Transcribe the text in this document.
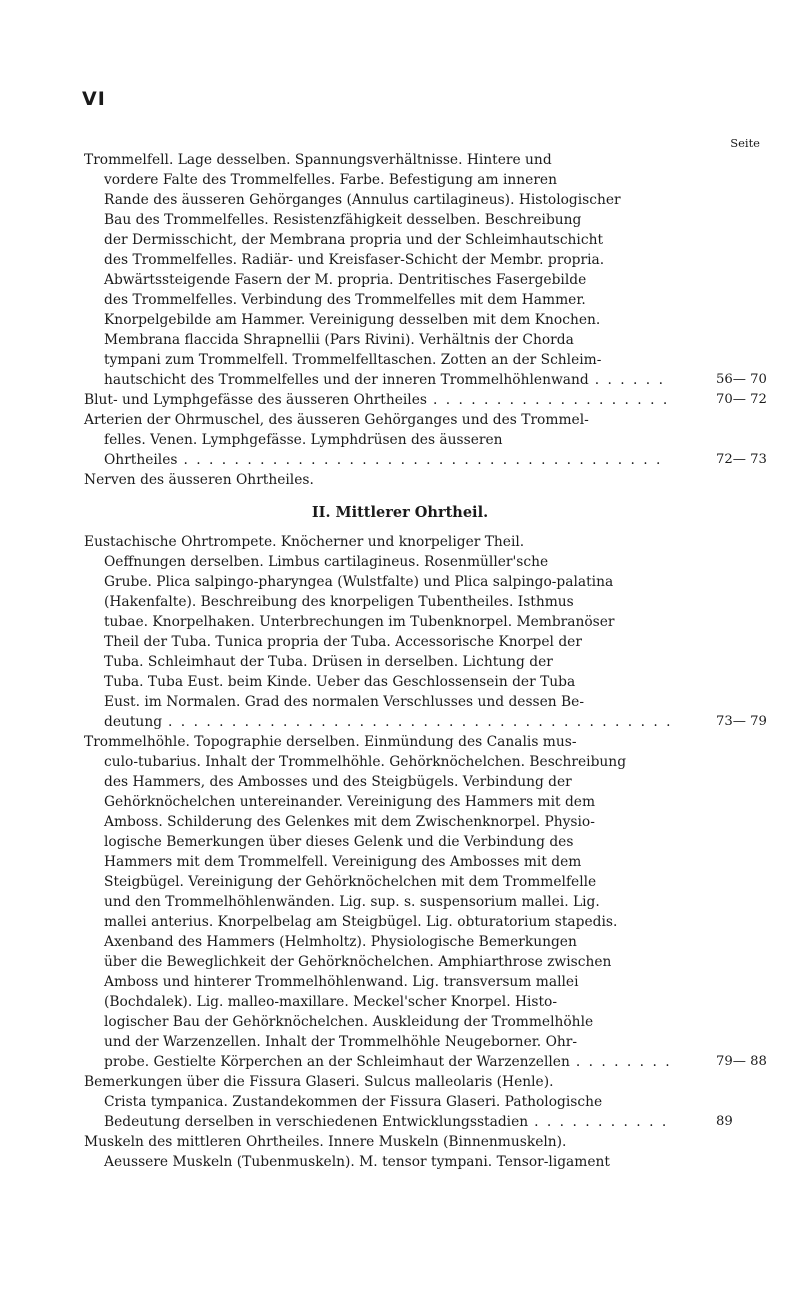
VI
Seite
Trommelfell. Lage desselben. Spannungsverhältnisse. Hintere und
vordere Falte des Trommelfelles. Farbe. Befestigung am inneren
Rande des äusseren Gehörganges (Annulus cartilagineus). Histologischer
Bau des Trommelfelles. Resistenzfähigkeit desselben. Beschreibung
der Dermisschicht, der Membrana propria und der Schleimhautschicht
des Trommelfelles. Radiär- und Kreisfaser-Schicht der Membr. propria.
Abwärtssteigende Fasern der M. propria. Dentritisches Fasergebilde
des Trommelfelles. Verbindung des Trommelfelles mit dem Hammer.
Knorpelgebilde am Hammer. Vereinigung desselben mit dem Knochen.
Membrana flaccida Shrapnellii (Pars Rivini). Verhältnis der Chorda
tympani zum Trommelfell. Trommelfelltaschen. Zotten an der Schleim-
hautschicht des Trommelfelles und der inneren Trommelhöhlenwand . . .	56— 70
Blut- und Lymphgefässe des äusseren Ohrtheiles . . .	70— 72
Arterien der Ohrmuschel, des äusseren Gehörganges und des Trommel-
felles. Venen. Lymphgefässe. Lymphdrüsen des äusseren
Ohrtheiles . . .	72— 73
Nerven des äusseren Ohrtheiles.
II. Mittlerer Ohrtheil.
Eustachische Ohrtrompete. Knöcherner und knorpeliger Theil.
Oeffnungen derselben. Limbus cartilagineus. Rosenmüller'sche
Grube. Plica salpingo-pharyngea (Wulstfalte) und Plica salpingo-palatina
(Hakenfalte). Beschreibung des knorpeligen Tubentheiles. Isthmus
tubae. Knorpelhaken. Unterbrechungen im Tubenknorpel. Membranöser
Theil der Tuba. Tunica propria der Tuba. Accessorische Knorpel der
Tuba. Schleimhaut der Tuba. Drüsen in derselben. Lichtung der
Tuba. Tuba Eust. beim Kinde. Ueber das Geschlossensein der Tuba
Eust. im Normalen. Grad des normalen Verschlusses und dessen Be-
deutung . . .	73— 79
Trommelhöhle. Topographie derselben. Einmündung des Canalis mus-
culo-tubarius. Inhalt der Trommelhöhle. Gehörknöchelchen. Beschreibung
des Hammers, des Ambosses und des Steigbügels. Verbindung der
Gehörknöchelchen untereinander. Vereinigung des Hammers mit dem
Amboss. Schilderung des Gelenkes mit dem Zwischenknorpel. Physio-
logische Bemerkungen über dieses Gelenk und die Verbindung des
Hammers mit dem Trommelfell. Vereinigung des Ambosses mit dem
Steigbügel. Vereinigung der Gehörknöchelchen mit dem Trommelfelle
und den Trommelhöhlenwänden. Lig. sup. s. suspensorium mallei. Lig.
mallei anterius. Knorpelbelag am Steigbügel. Lig. obturatorium stapedis.
Axenband des Hammers (Helmholtz). Physiologische Bemerkungen
über die Beweglichkeit der Gehörknöchelchen. Amphiarthrose zwischen
Amboss und hinterer Trommelhöhlenwand. Lig. transversum mallei
(Bochdalek). Lig. malleo-maxillare. Meckel'scher Knorpel. Histo-
logischer Bau der Gehörknöchelchen. Auskleidung der Trommelhöhle
und der Warzenzellen. Inhalt der Trommelhöhle Neugeborner. Ohr-
probe. Gestielte Körperchen an der Schleimhaut der Warzenzellen . . .	79— 88
Bemerkungen über die Fissura Glaseri. Sulcus malleolaris (Henle).
Crista tympanica. Zustandekommen der Fissura Glaseri. Pathologische
Bedeutung derselben in verschiedenen Entwicklungsstadien . . .	89
Muskeln des mittleren Ohrtheiles. Innere Muskeln (Binnenmuskeln).
Aeussere Muskeln (Tubenmuskeln). M. tensor tympani. Tensor-ligament
